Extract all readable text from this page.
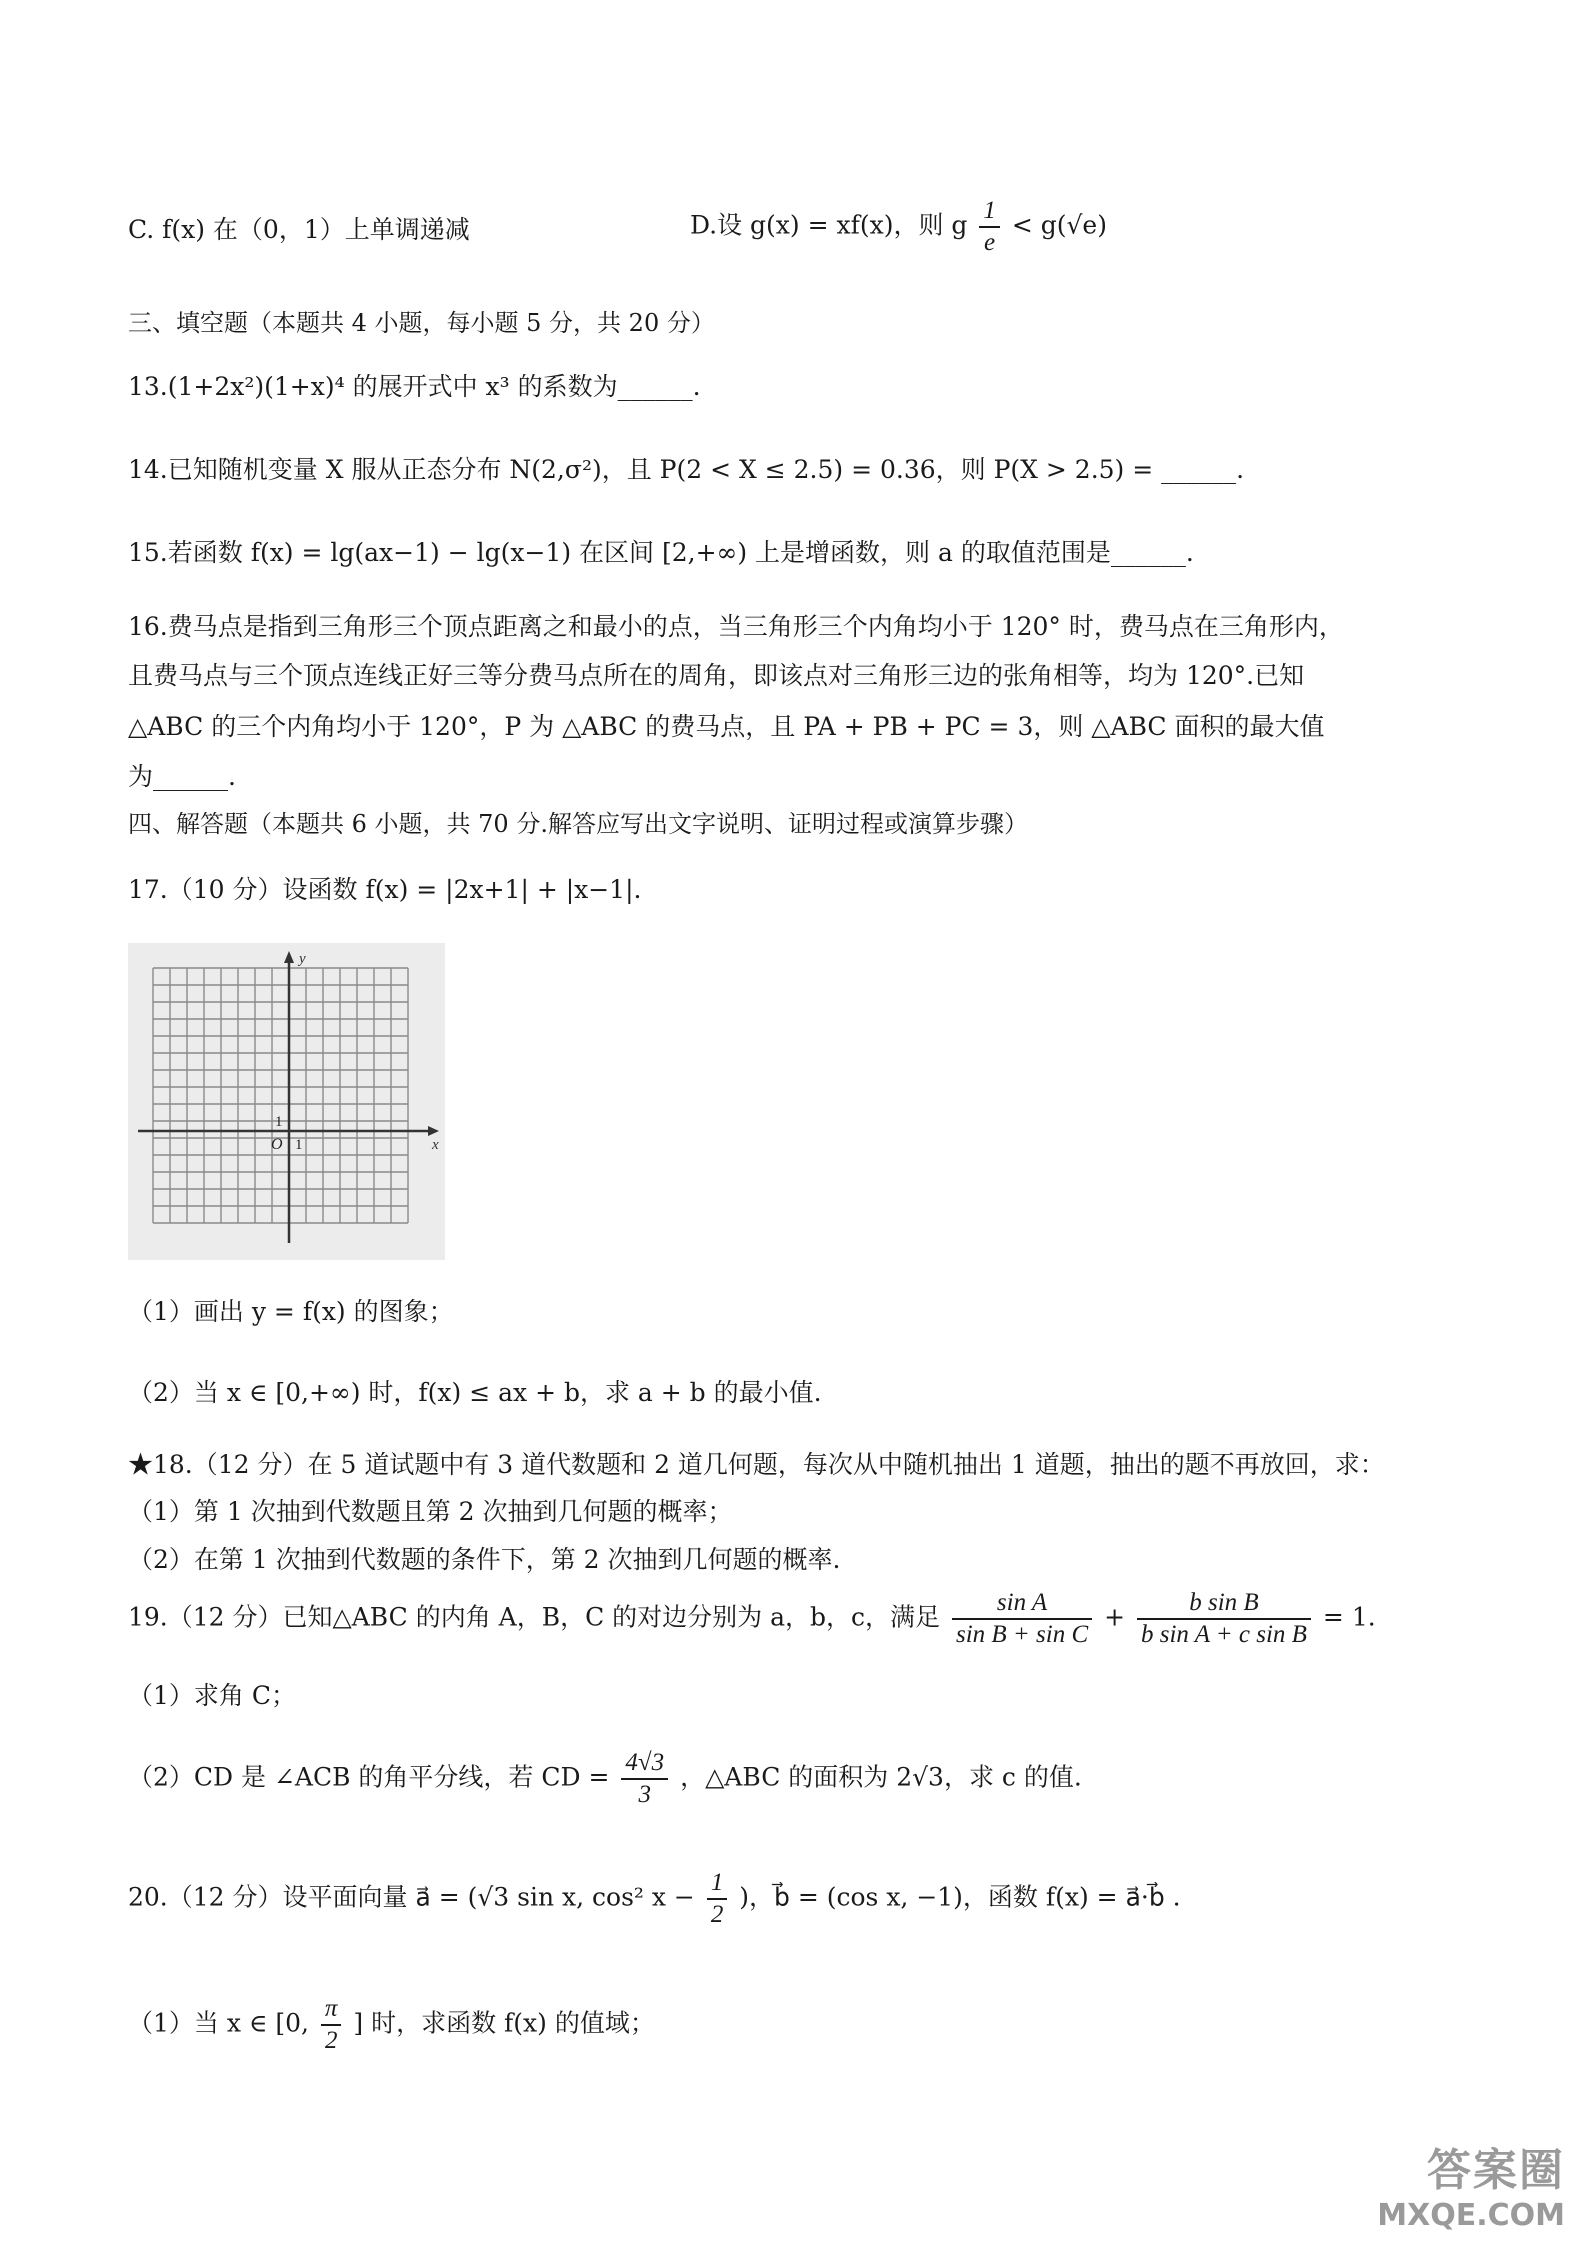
C. f(x) 在（0，1）上单调递减	D.设 g(x) = xf(x)，则 g $\frac{1}{e} < g(√e)$
三、填空题（本题共 4 小题，每小题 5 分，共 20 分）
13.(1+2x²)(1+x)⁴ 的展开式中 x³ 的系数为______.
14.已知随机变量 X 服从正态分布 N(2,σ²)，且 P(2 < X ≤ 2.5) = 0.36，则 P(X > 2.5) = ______.
15.若函数 f(x) = lg(ax−1) − lg(x−1) 在区间 [2,+∞) 上是增函数，则 a 的取值范围是______.
16.费马点是指到三角形三个顶点距离之和最小的点，当三角形三个内角均小于 120° 时，费马点在三角形内，
且费马点与三个顶点连线正好三等分费马点所在的周角，即该点对三角形三边的张角相等，均为 120°.已知
△ABC 的三个内角均小于 120°，P 为 △ABC 的费马点，且 PA + PB + PC = 3，则 △ABC 面积的最大值
为______.
四、解答题（本题共 6 小题，共 70 分.解答应写出文字说明、证明过程或演算步骤）
17.（10 分）设函数 f(x) = |2x+1| + |x−1|.
y
x
O 1
1
（1）画出 y = f(x) 的图象；
（2）当 x ∈ [0,+∞) 时，f(x) ≤ ax + b，求 a + b 的最小值.
★18.（12 分）在 5 道试题中有 3 道代数题和 2 道几何题，每次从中随机抽出 1 道题，抽出的题不再放回，求：
（1）第 1 次抽到代数题且第 2 次抽到几何题的概率；
（2）在第 1 次抽到代数题的条件下，第 2 次抽到几何题的概率.
19.（12 分）已知△ABC 的内角 A，B，C 的对边分别为 a，b，c，满足 $\frac{\text{sin A}}{\text{sin B + sin C}} + \frac{\text{b sin B}}{\text{b sin A + c sin B}} = 1$.
（1）求角 C；
（2）CD 是 ∠ACB 的角平分线，若 CD = $\frac{4√3}{3}$ ，△ABC 的面积为 2√3，求 c 的值.
20.（12 分）设平面向量 a⃗ = (√3 sin x, cos² $x - \frac{1}{2}$ )，b⃗ = (cos x, −1)，函数 f(x) = a⃗·b⃗ .
（1）当 x ∈ [0, $\frac{\pi}{2}$ ] 时，求函数 f(x) 的值域；
答案圈
MXQE.COM
